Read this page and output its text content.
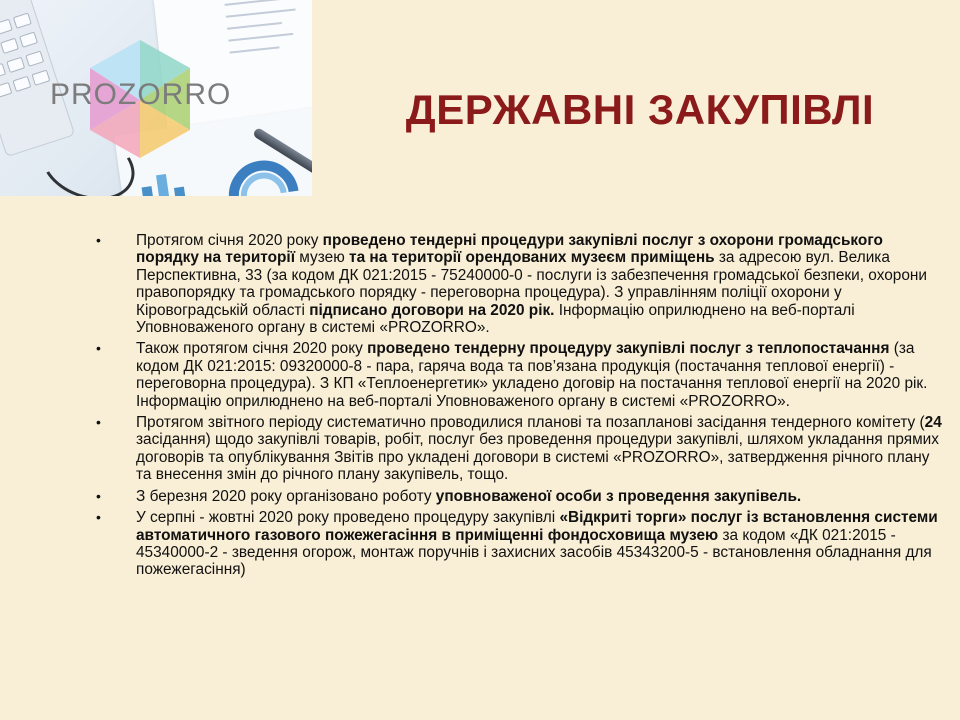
PROZORRO	ДЕРЖАВНІ ЗАКУПІВЛІ
• Протягом січня 2020 року проведено тендерні процедури закупівлі послуг з охорони громадського порядку на території музею та на території орендованих музеєм приміщень за адресою вул. Велика Перспективна, 33 (за кодом ДК 021:2015 - 75240000-0 - послуги із забезпечення громадської безпеки, охорони правопорядку та громадського порядку - переговорна процедура). З управлінням поліції охорони у Кіровоградській області підписано договори на 2020 рік. Інформацію оприлюднено на веб-порталі Уповноваженого органу в системі «PROZORRO».
• Також протягом січня 2020 року проведено тендерну процедуру закупівлі послуг з теплопостачання (за кодом ДК 021:2015: 09320000-8 - пара, гаряча вода та пов’язана продукція (постачання теплової енергії) - переговорна процедура). З КП «Теплоенергетик» укладено договір на постачання теплової енергії на 2020 рік. Інформацію оприлюднено на веб-порталі Уповноваженого органу в системі «PROZORRO».
• Протягом звітного періоду систематично проводилися планові та позапланові засідання тендерного комітету (24 засідання) щодо закупівлі товарів, робіт, послуг без проведення процедури закупівлі, шляхом укладання прямих договорів та опублікування Звітів про укладені договори в системі «PROZORRO», затвердження річного плану та внесення змін до річного плану закупівель, тощо.
• З березня 2020 року організовано роботу уповноваженої особи з проведення закупівель.
• У серпні - жовтні 2020 року проведено процедуру закупівлі «Відкриті торги» послуг із встановлення системи автоматичного газового пожежегасіння в приміщенні фондосховища музею за кодом «ДК 021:2015 - 45340000-2 - зведення огорож, монтаж поручнів і захисних засобів 45343200-5 - встановлення обладнання для пожежегасіння)
